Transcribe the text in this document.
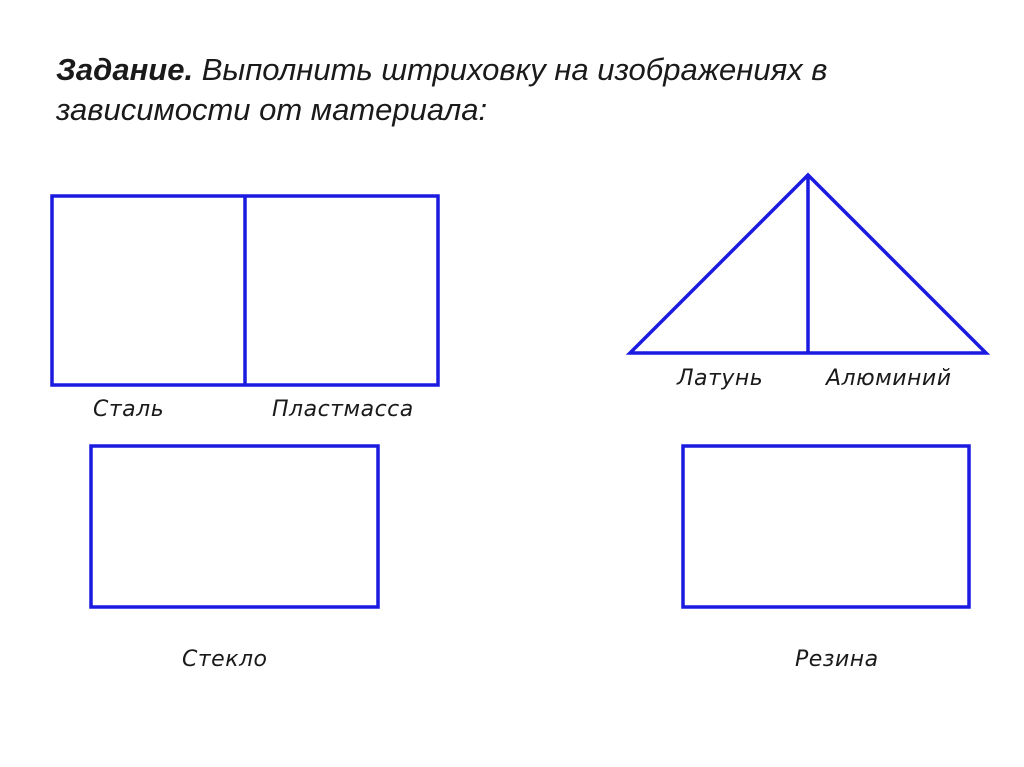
Задание. Выполнить штриховку на изображениях в зависимости от материала:
Сталь	Пластмасса
Латунь	Алюминий
Стекло	Резина
